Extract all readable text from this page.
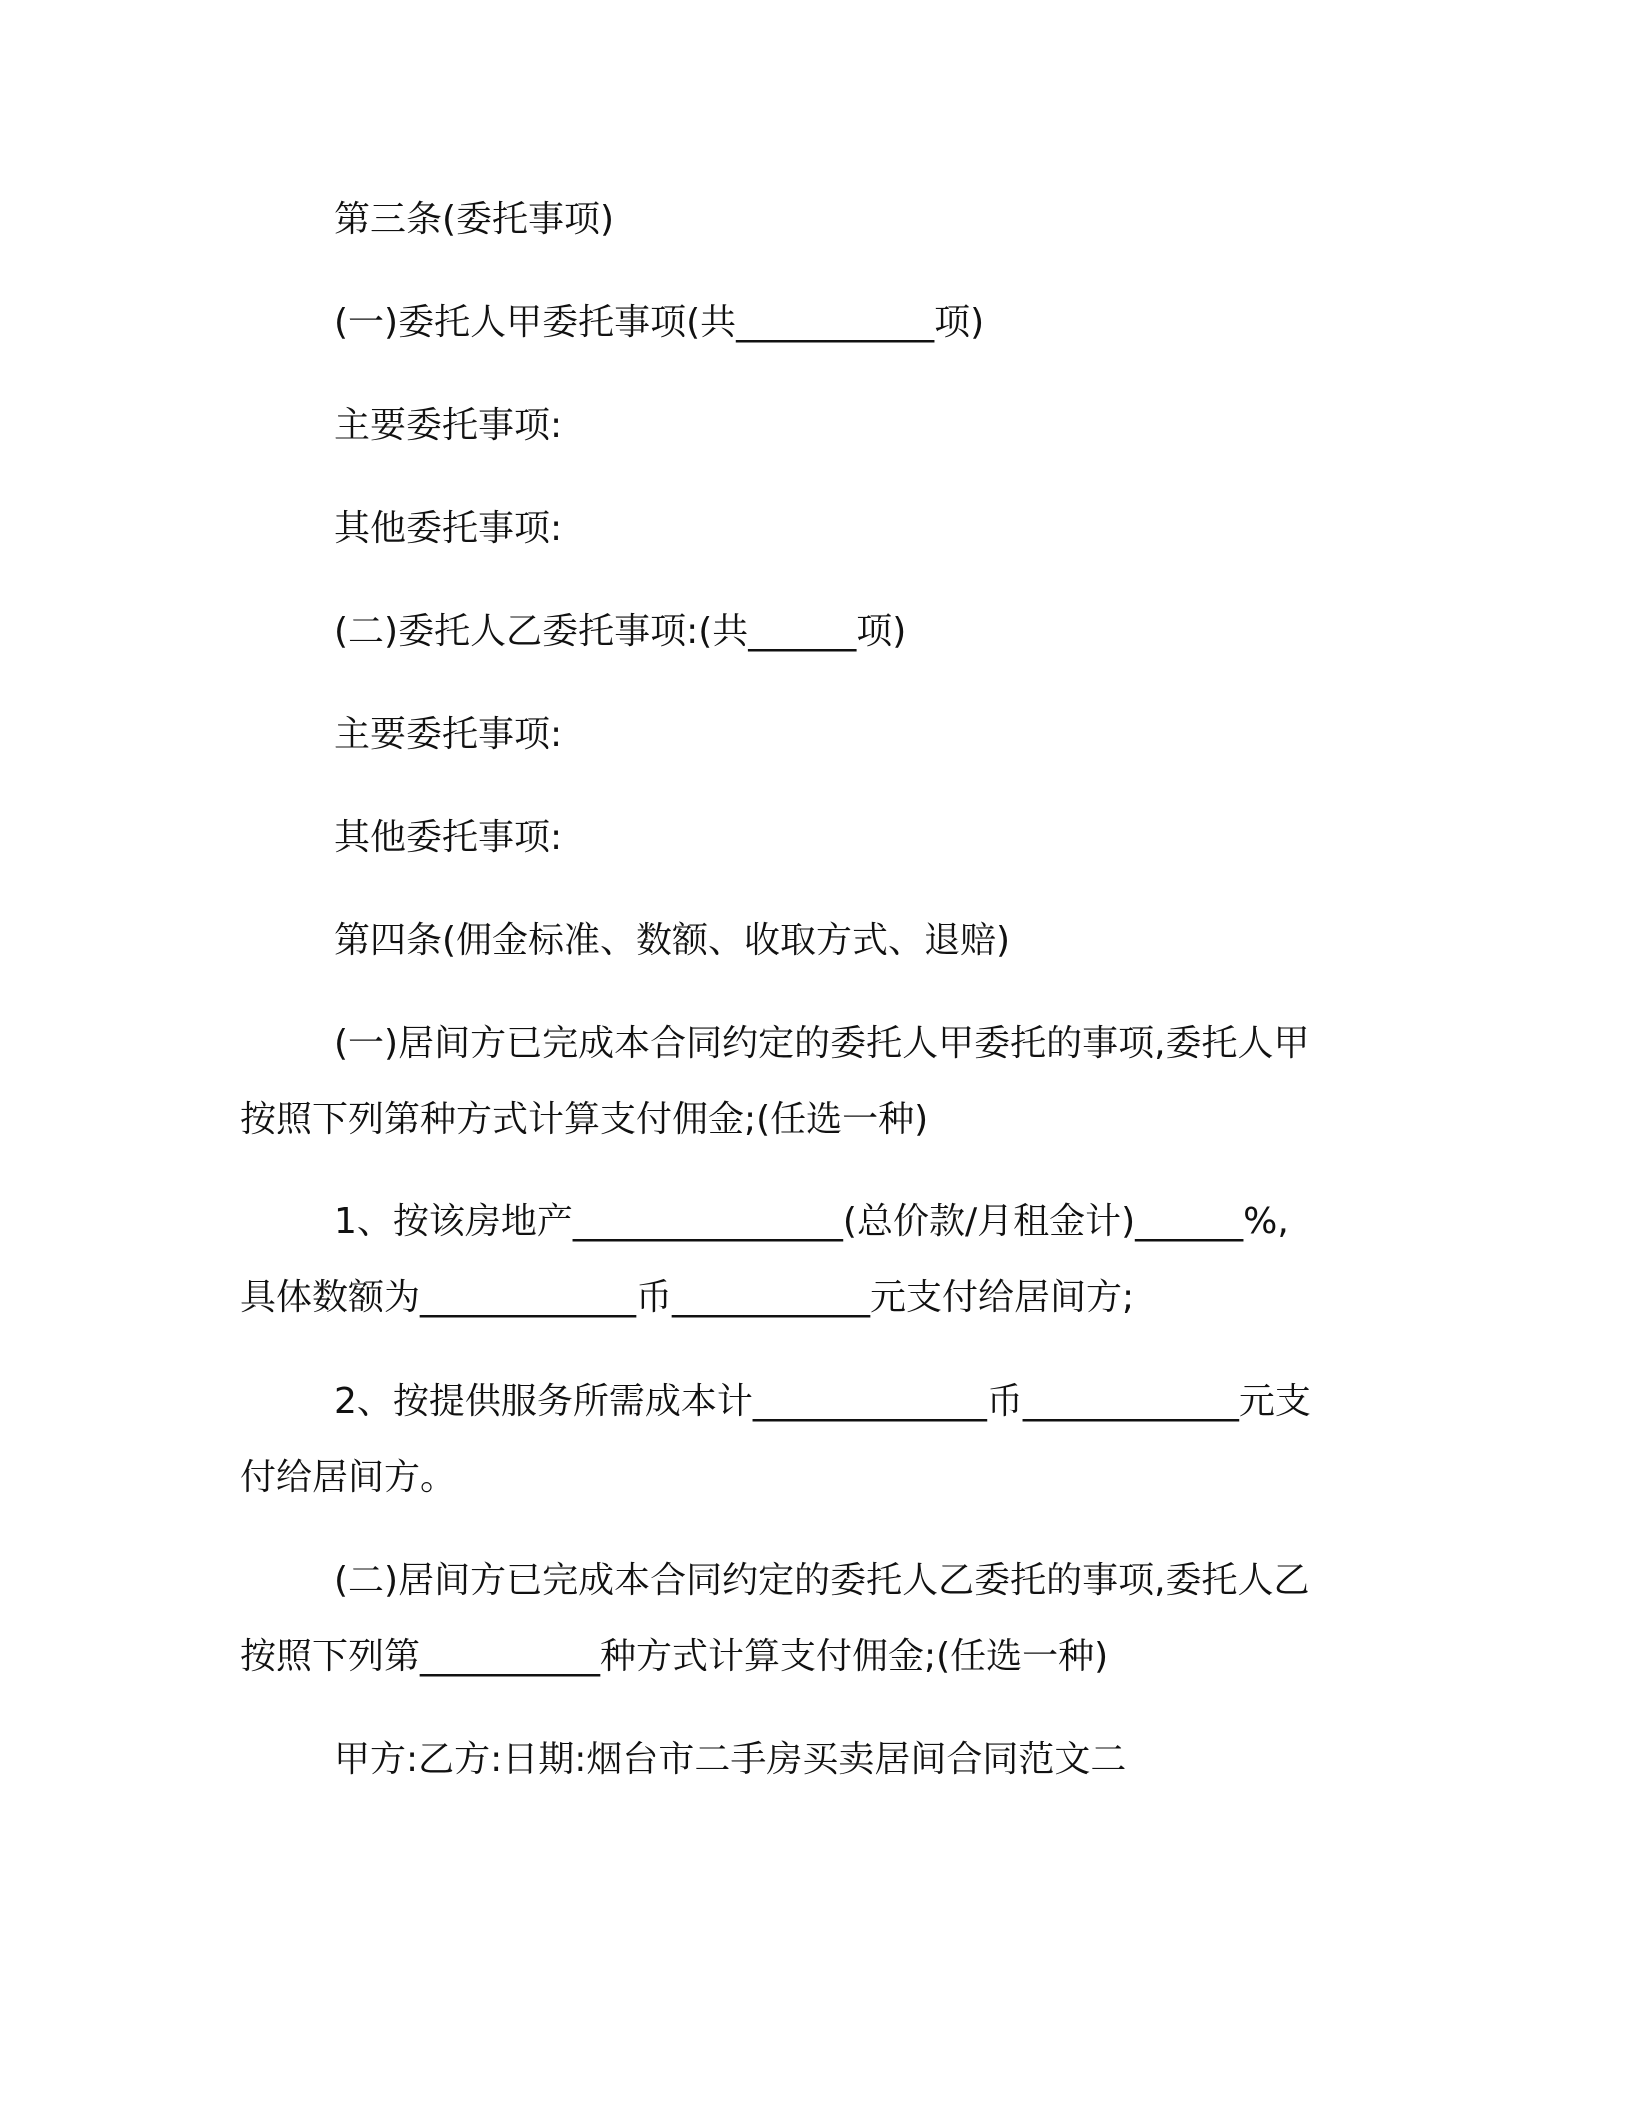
第三条(委托事项)
(一)委托人甲委托事项(共___________项)
主要委托事项:
其他委托事项:
(二)委托人乙委托事项:(共______项)
主要委托事项:
其他委托事项:
第四条(佣金标准、数额、收取方式、退赔)
(一)居间方已完成本合同约定的委托人甲委托的事项,委托人甲
按照下列第种方式计算支付佣金;(任选一种)
1、按该房地产_______________(总价款/月租金计)______%,
具体数额为____________币___________元支付给居间方;
2、按提供服务所需成本计_____________币____________元支
付给居间方。
(二)居间方已完成本合同约定的委托人乙委托的事项,委托人乙
按照下列第__________种方式计算支付佣金;(任选一种)
甲方:乙方:日期:烟台市二手房买卖居间合同范文二
